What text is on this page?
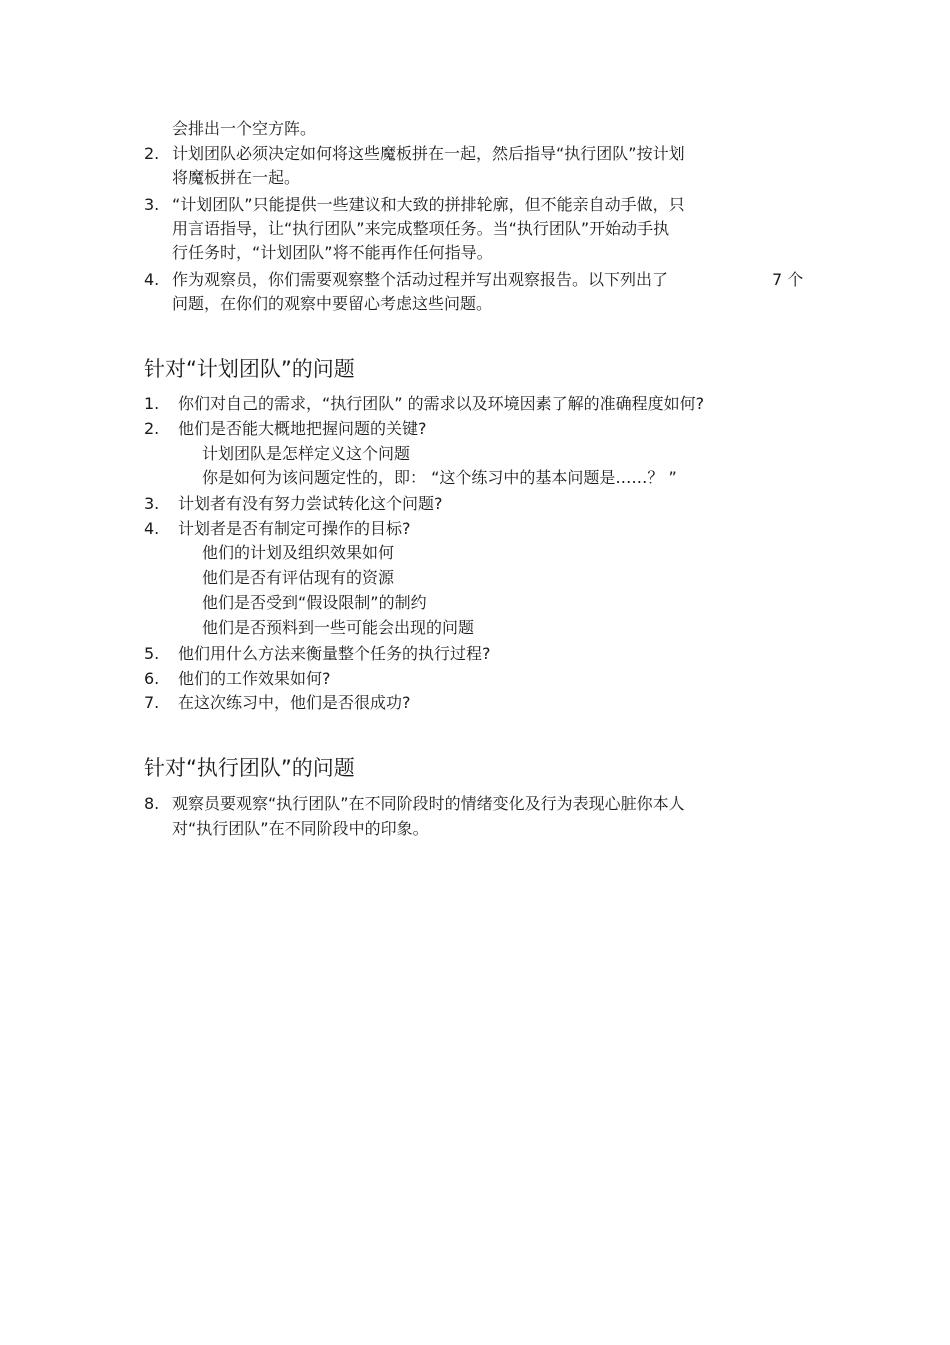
会排出一个空方阵。
2. 计划团队必须决定如何将这些魔板拼在一起，然后指导“执行团队”按计划
将魔板拼在一起。
3. “计划团队”只能提供一些建议和大致的拼排轮廓，但不能亲自动手做，只
用言语指导，让“执行团队”来完成整项任务。当“执行团队”开始动手执
行任务时，“计划团队”将不能再作任何指导。
4. 作为观察员，你们需要观察整个活动过程并写出观察报告。以下列出了	7 个
问题，在你们的观察中要留心考虑这些问题。
针对“计划团队”的问题
1. 你们对自己的需求，“执行团队” 的需求以及环境因素了解的准确程度如何?
2. 他们是否能大概地把握问题的关键?
计划团队是怎样定义这个问题
你是如何为该问题定性的，即： “这个练习中的基本问题是……？ ”
3. 计划者有没有努力尝试转化这个问题?
4. 计划者是否有制定可操作的目标?
他们的计划及组织效果如何
他们是否有评估现有的资源
他们是否受到“假设限制”的制约
他们是否预料到一些可能会出现的问题
5. 他们用什么方法来衡量整个任务的执行过程?
6. 他们的工作效果如何?
7. 在这次练习中，他们是否很成功?
针对“执行团队”的问题
8. 观察员要观察“执行团队”在不同阶段时的情绪变化及行为表现心脏你本人
对“执行团队”在不同阶段中的印象。
